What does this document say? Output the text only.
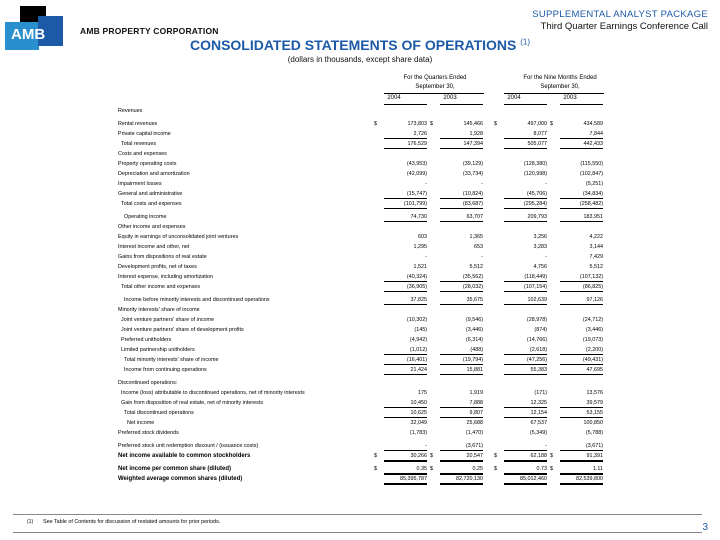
AMB	AMB PROPERTY CORPORATION
SUPPLEMENTAL ANALYST PACKAGE
Third Quarter Earnings Conference Call
CONSOLIDATED STATEMENTS OF OPERATIONS $^{(1)}$
(dollars in thousands, except share data)
For the Quarters Ended
September 30,
For the Nine Months Ended
September 30,
2004	2003	2004	2003
Revenues
Rental revenues	$	173,803 $	145,466 $	497,000 $	434,589
Private capital income	2,726	1,928	8,077	7,844
Total revenues	176,529	147,394	505,077	442,433
Costs and expenses
Property operating costs	(43,953)	(39,129)	(128,380)	(115,550)
Depreciation and amortization	(42,099)	(33,734)	(120,998)	(102,847)
Impairment losses	-	-	-	(5,251)
General and administrative	(15,747)	(10,824)	(45,706)	(34,834)
Total costs and expenses	(101,799)	(83,687)	(295,284)	(258,482)
Operating income	74,730	63,707	209,793	183,951
Other income and expenses
Equity in earnings of unconsolidated joint ventures	603	1,365	3,256	4,222
Interest income and other, net	1,295	653	3,283	3,144
Gains from dispositions of real estate	-	-	-	7,429
Development profits, net of taxes	1,521	5,512	4,756	5,512
Interest expense, including amortization	(40,324)	(35,562)	(118,449)	(107,132)
Total other income and expenses	(36,905)	(28,032)	(107,154)	(86,825)
Income before minority interests and discontinued operations	37,825	35,675	102,639	97,126
Minority interests' share of income
Joint venture partners' share of income	(10,302)	(9,546)	(28,978)	(24,712)
Joint venture partners' share of development profits	(145)	(3,446)	(874)	(3,446)
Preferred unitholders	(4,942)	(6,314)	(14,766)	(19,073)
Limited partnership unitholders	(1,012)	(488)	(2,618)	(2,200)
Total minority interests' share of income	(16,401)	(19,794)	(47,256)	(49,431)
Income from continuing operations	21,424	15,881	55,383	47,695
Discontinued operations:
Income (loss) attributable to discontinued operations, net of minority interests	175	1,919	(171)	13,576
Gain from disposition of real estate, net of minority interests	10,450	7,888	12,325	39,579
Total discontinued operations	10,625	9,807	12,154	53,155
Net income	32,049	25,688	67,537	100,850
Preferred stock dividends	(1,783)	(1,470)	(5,349)	(5,788)
Preferred stock unit redemption discount / (issuance costs)	-	(3,671)	-	(3,671)
Net income available to common stockholders	$	30,266 $	20,547 $	62,188 $	91,391
Net income per common share (diluted)	$	0.35 $	0.25 $	0.73 $	1.11
Weighted average common shares (diluted)	85,395,787	82,720,130	85,012,460	82,539,800
(1) See Table of Contents for discussion of restated amounts for prior periods.	3
